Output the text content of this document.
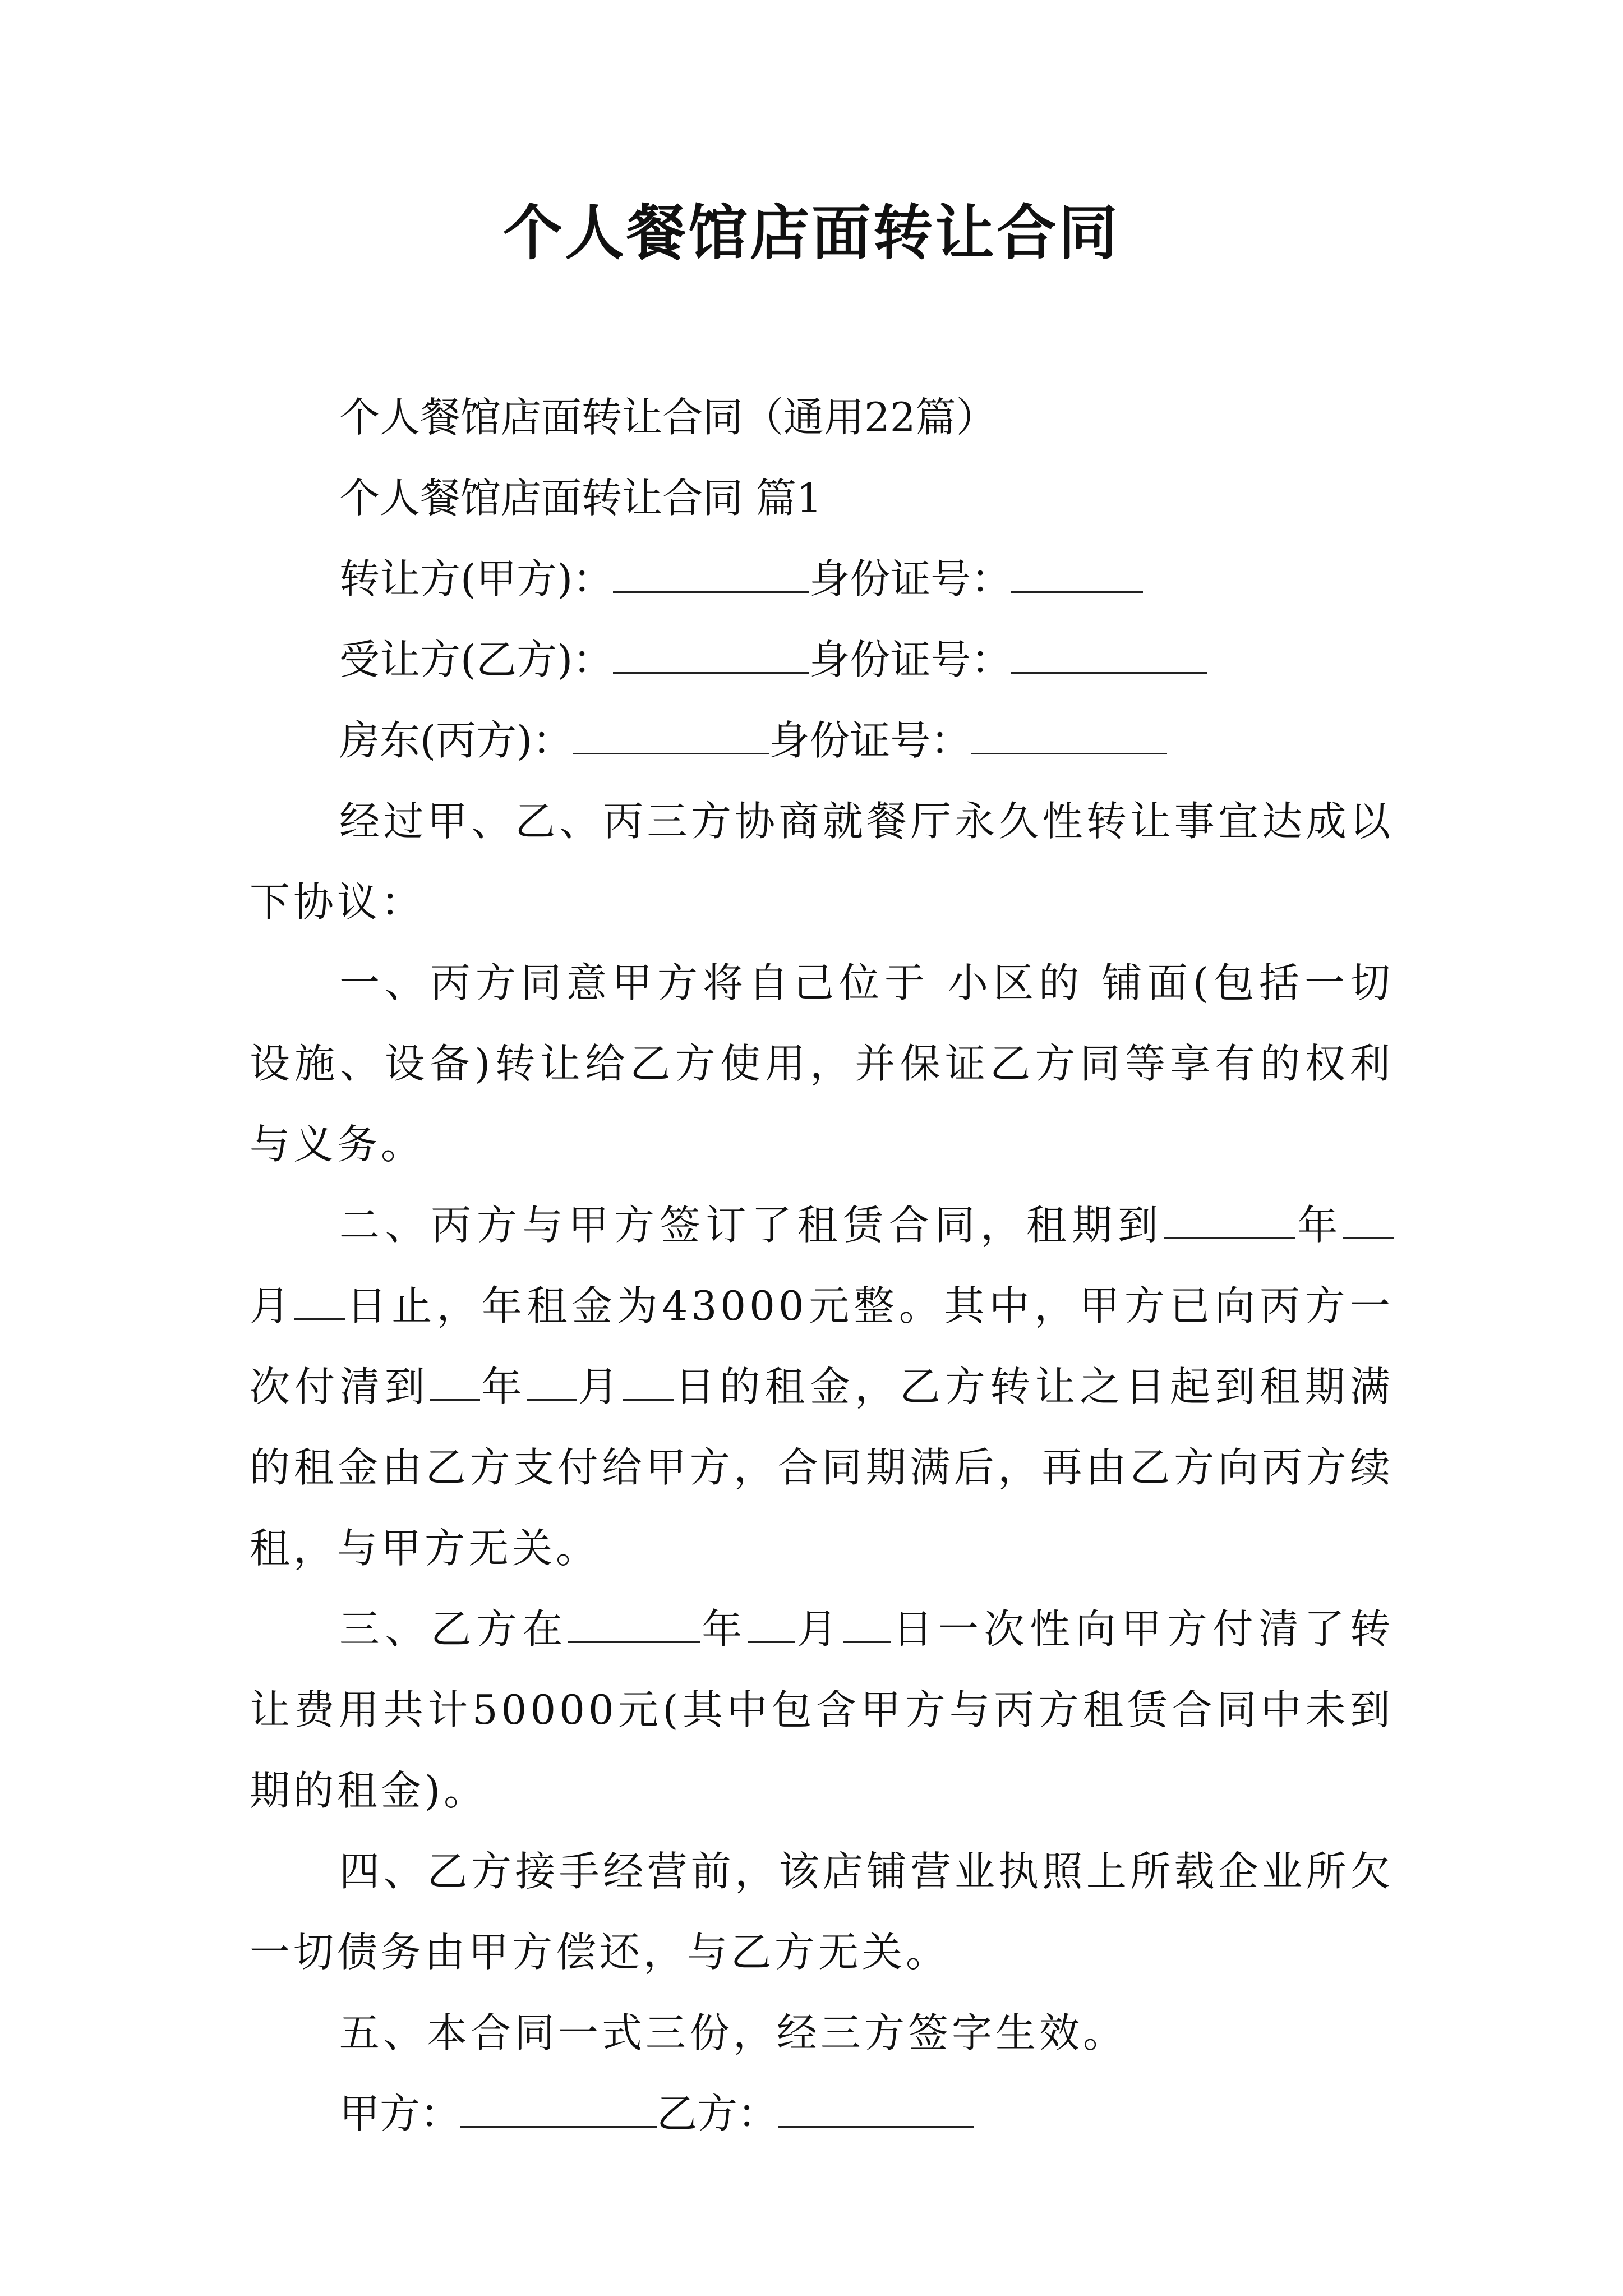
个人餐馆店面转让合同
个人餐馆店面转让合同（通用22篇）
个人餐馆店面转让合同 篇1
转让方(甲方)：	身份证号：
受让方(乙方)：	身份证号：
房东(丙方)：	身份证号：
经过甲、乙、丙三方协商就餐厅永久性转让事宜达成以下协议：
一、丙方同意甲方将自己位于 小区的 铺面(包括一切设施、设备)转让给乙方使用，并保证乙方同等享有的权利与义务。
二、丙方与甲方签订了租赁合同，租期到	年月 日止，年租金为43000元整。其中，甲方已向丙方一次付清到 年 月 日的租金，乙方转让之日起到租期满的租金由乙方支付给甲方，合同期满后，再由乙方向丙方续租，与甲方无关。
三、乙方在	年 月 日一次性向甲方付清了转让费用共计50000元(其中包含甲方与丙方租赁合同中未到期的租金)。
四、乙方接手经营前，该店铺营业执照上所载企业所欠一切债务由甲方偿还，与乙方无关。
五、本合同一式三份，经三方签字生效。
甲方：	乙方：
